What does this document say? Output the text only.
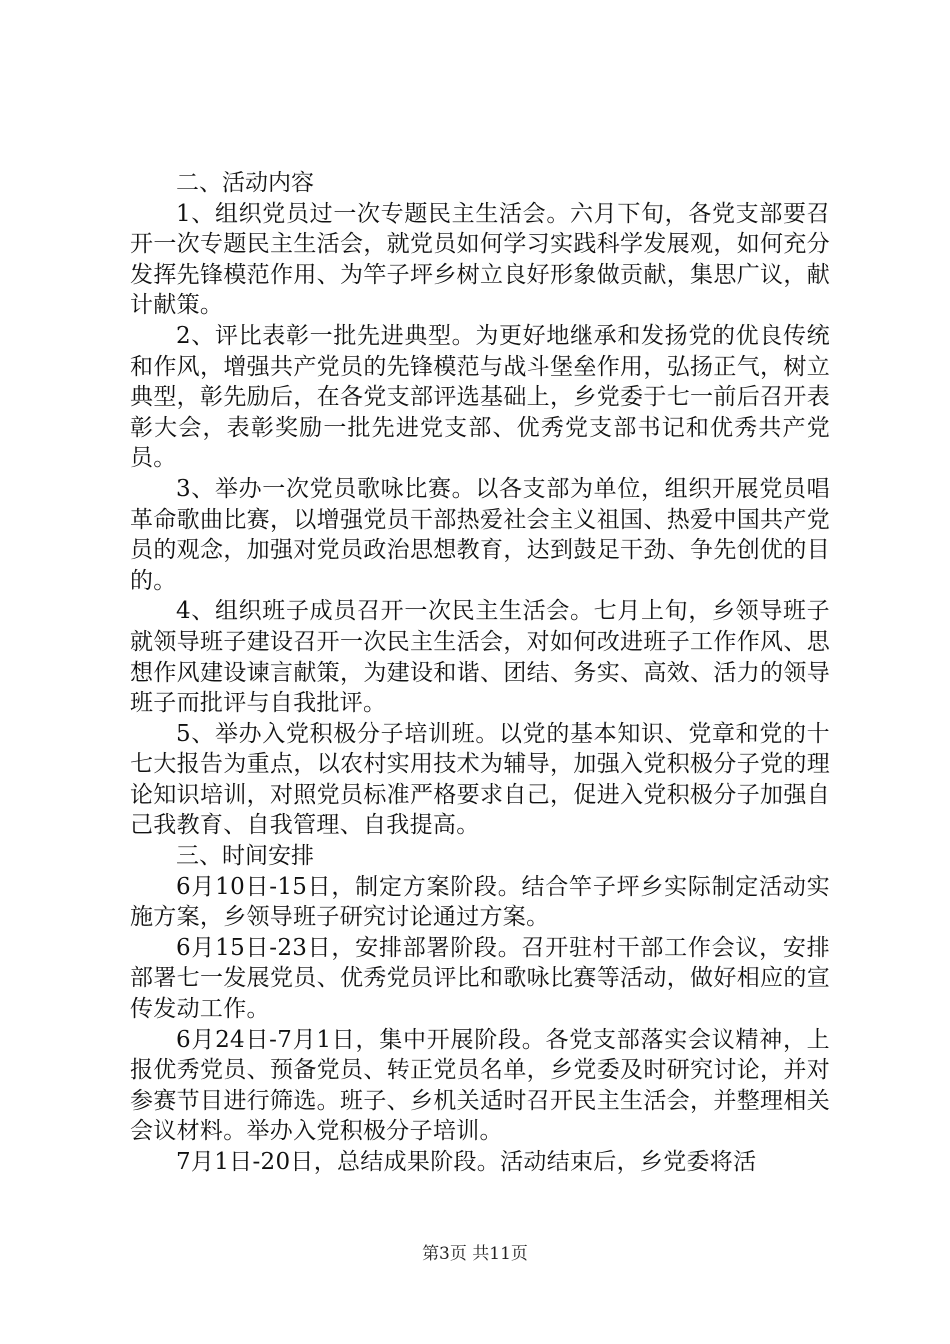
二、活动内容

1、组织党员过一次专题民主生活会。六月下旬，各党支部要召开一次专题民主生活会，就党员如何学习实践科学发展观，如何充分发挥先锋模范作用、为竿子坪乡树立良好形象做贡献，集思广议，献计献策。

2、评比表彰一批先进典型。为更好地继承和发扬党的优良传统和作风，增强共产党员的先锋模范与战斗堡垒作用，弘扬正气，树立典型，彰先励后，在各党支部评选基础上，乡党委于七一前后召开表彰大会，表彰奖励一批先进党支部、优秀党支部书记和优秀共产党员。

3、举办一次党员歌咏比赛。以各支部为单位，组织开展党员唱革命歌曲比赛，以增强党员干部热爱社会主义祖国、热爱中国共产党员的观念，加强对党员政治思想教育，达到鼓足干劲、争先创优的目的。

4、组织班子成员召开一次民主生活会。七月上旬，乡领导班子就领导班子建设召开一次民主生活会，对如何改进班子工作作风、思想作风建设谏言献策，为建设和谐、团结、务实、高效、活力的领导班子而批评与自我批评。

5、举办入党积极分子培训班。以党的基本知识、党章和党的十七大报告为重点，以农村实用技术为辅导，加强入党积极分子党的理论知识培训，对照党员标准严格要求自己，促进入党积极分子加强自己我教育、自我管理、自我提高。

三、时间安排

6月10日-15日，制定方案阶段。结合竿子坪乡实际制定活动实施方案，乡领导班子研究讨论通过方案。

6月15日-23日，安排部署阶段。召开驻村干部工作会议，安排部署七一发展党员、优秀党员评比和歌咏比赛等活动，做好相应的宣传发动工作。

6月24日-7月1日，集中开展阶段。各党支部落实会议精神，上报优秀党员、预备党员、转正党员名单，乡党委及时研究讨论，并对参赛节目进行筛选。班子、乡机关适时召开民主生活会，并整理相关会议材料。举办入党积极分子培训。

7月1日-20日，总结成果阶段。活动结束后，乡党委将活

第3页 共11页
